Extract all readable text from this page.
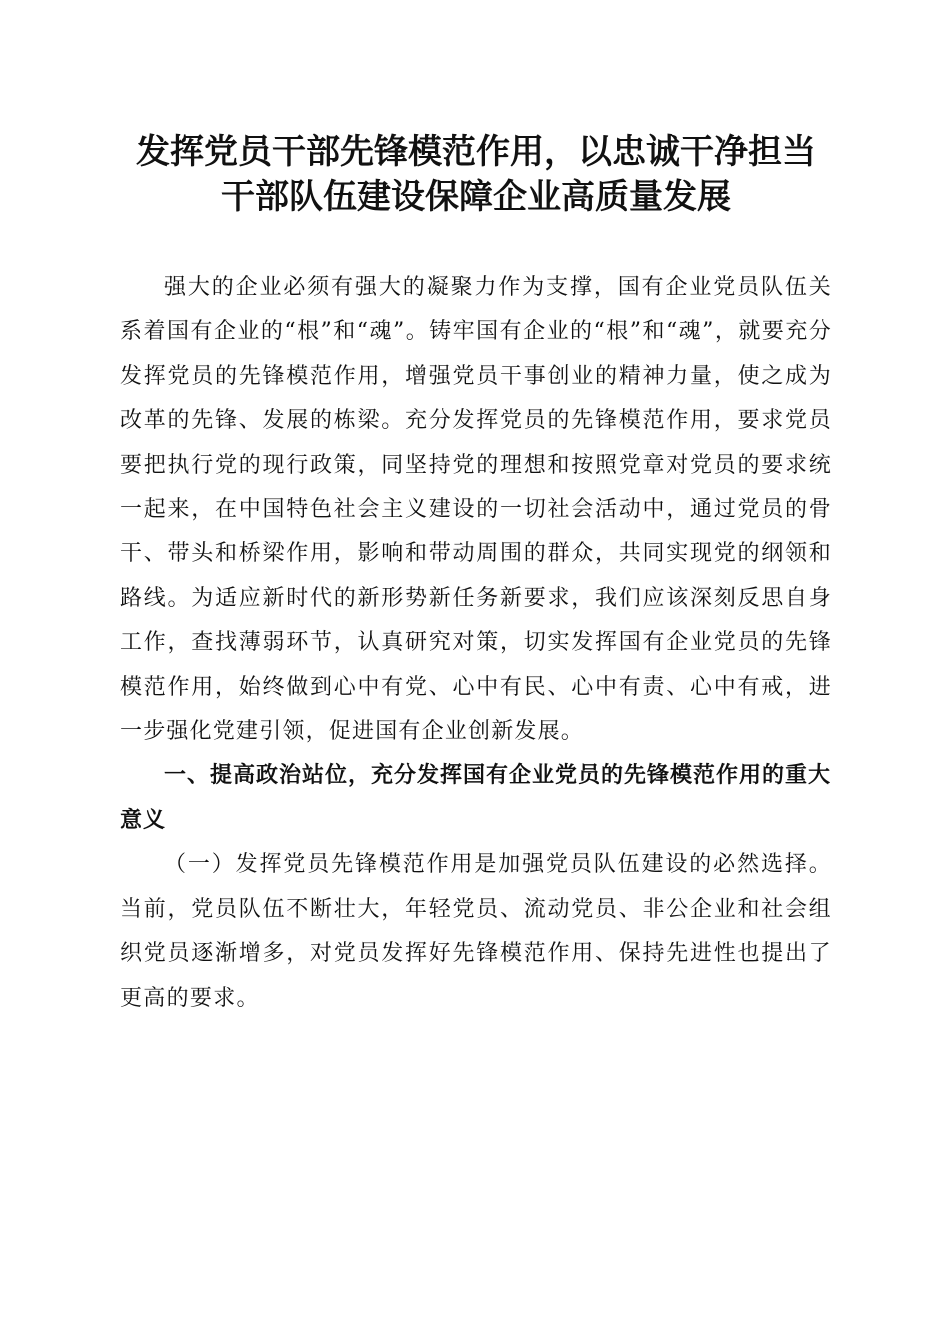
发挥党员干部先锋模范作用，以忠诚干净担当
干部队伍建设保障企业高质量发展

强大的企业必须有强大的凝聚力作为支撑，国有企业党员队伍关系着国有企业的“根”和“魂”。铸牢国有企业的“根”和“魂”，就要充分发挥党员的先锋模范作用，增强党员干事创业的精神力量，使之成为改革的先锋、发展的栋梁。充分发挥党员的先锋模范作用，要求党员要把执行党的现行政策，同坚持党的理想和按照党章对党员的要求统一起来，在中国特色社会主义建设的一切社会活动中，通过党员的骨干、带头和桥梁作用，影响和带动周围的群众，共同实现党的纲领和路线。为适应新时代的新形势新任务新要求，我们应该深刻反思自身工作，查找薄弱环节，认真研究对策，切实发挥国有企业党员的先锋模范作用，始终做到心中有党、心中有民、心中有责、心中有戒，进一步强化党建引领，促进国有企业创新发展。

一、提高政治站位，充分发挥国有企业党员的先锋模范作用的重大意义

（一）发挥党员先锋模范作用是加强党员队伍建设的必然选择。当前，党员队伍不断壮大，年轻党员、流动党员、非公企业和社会组织党员逐渐增多，对党员发挥好先锋模范作用、保持先进性也提出了更高的要求。
